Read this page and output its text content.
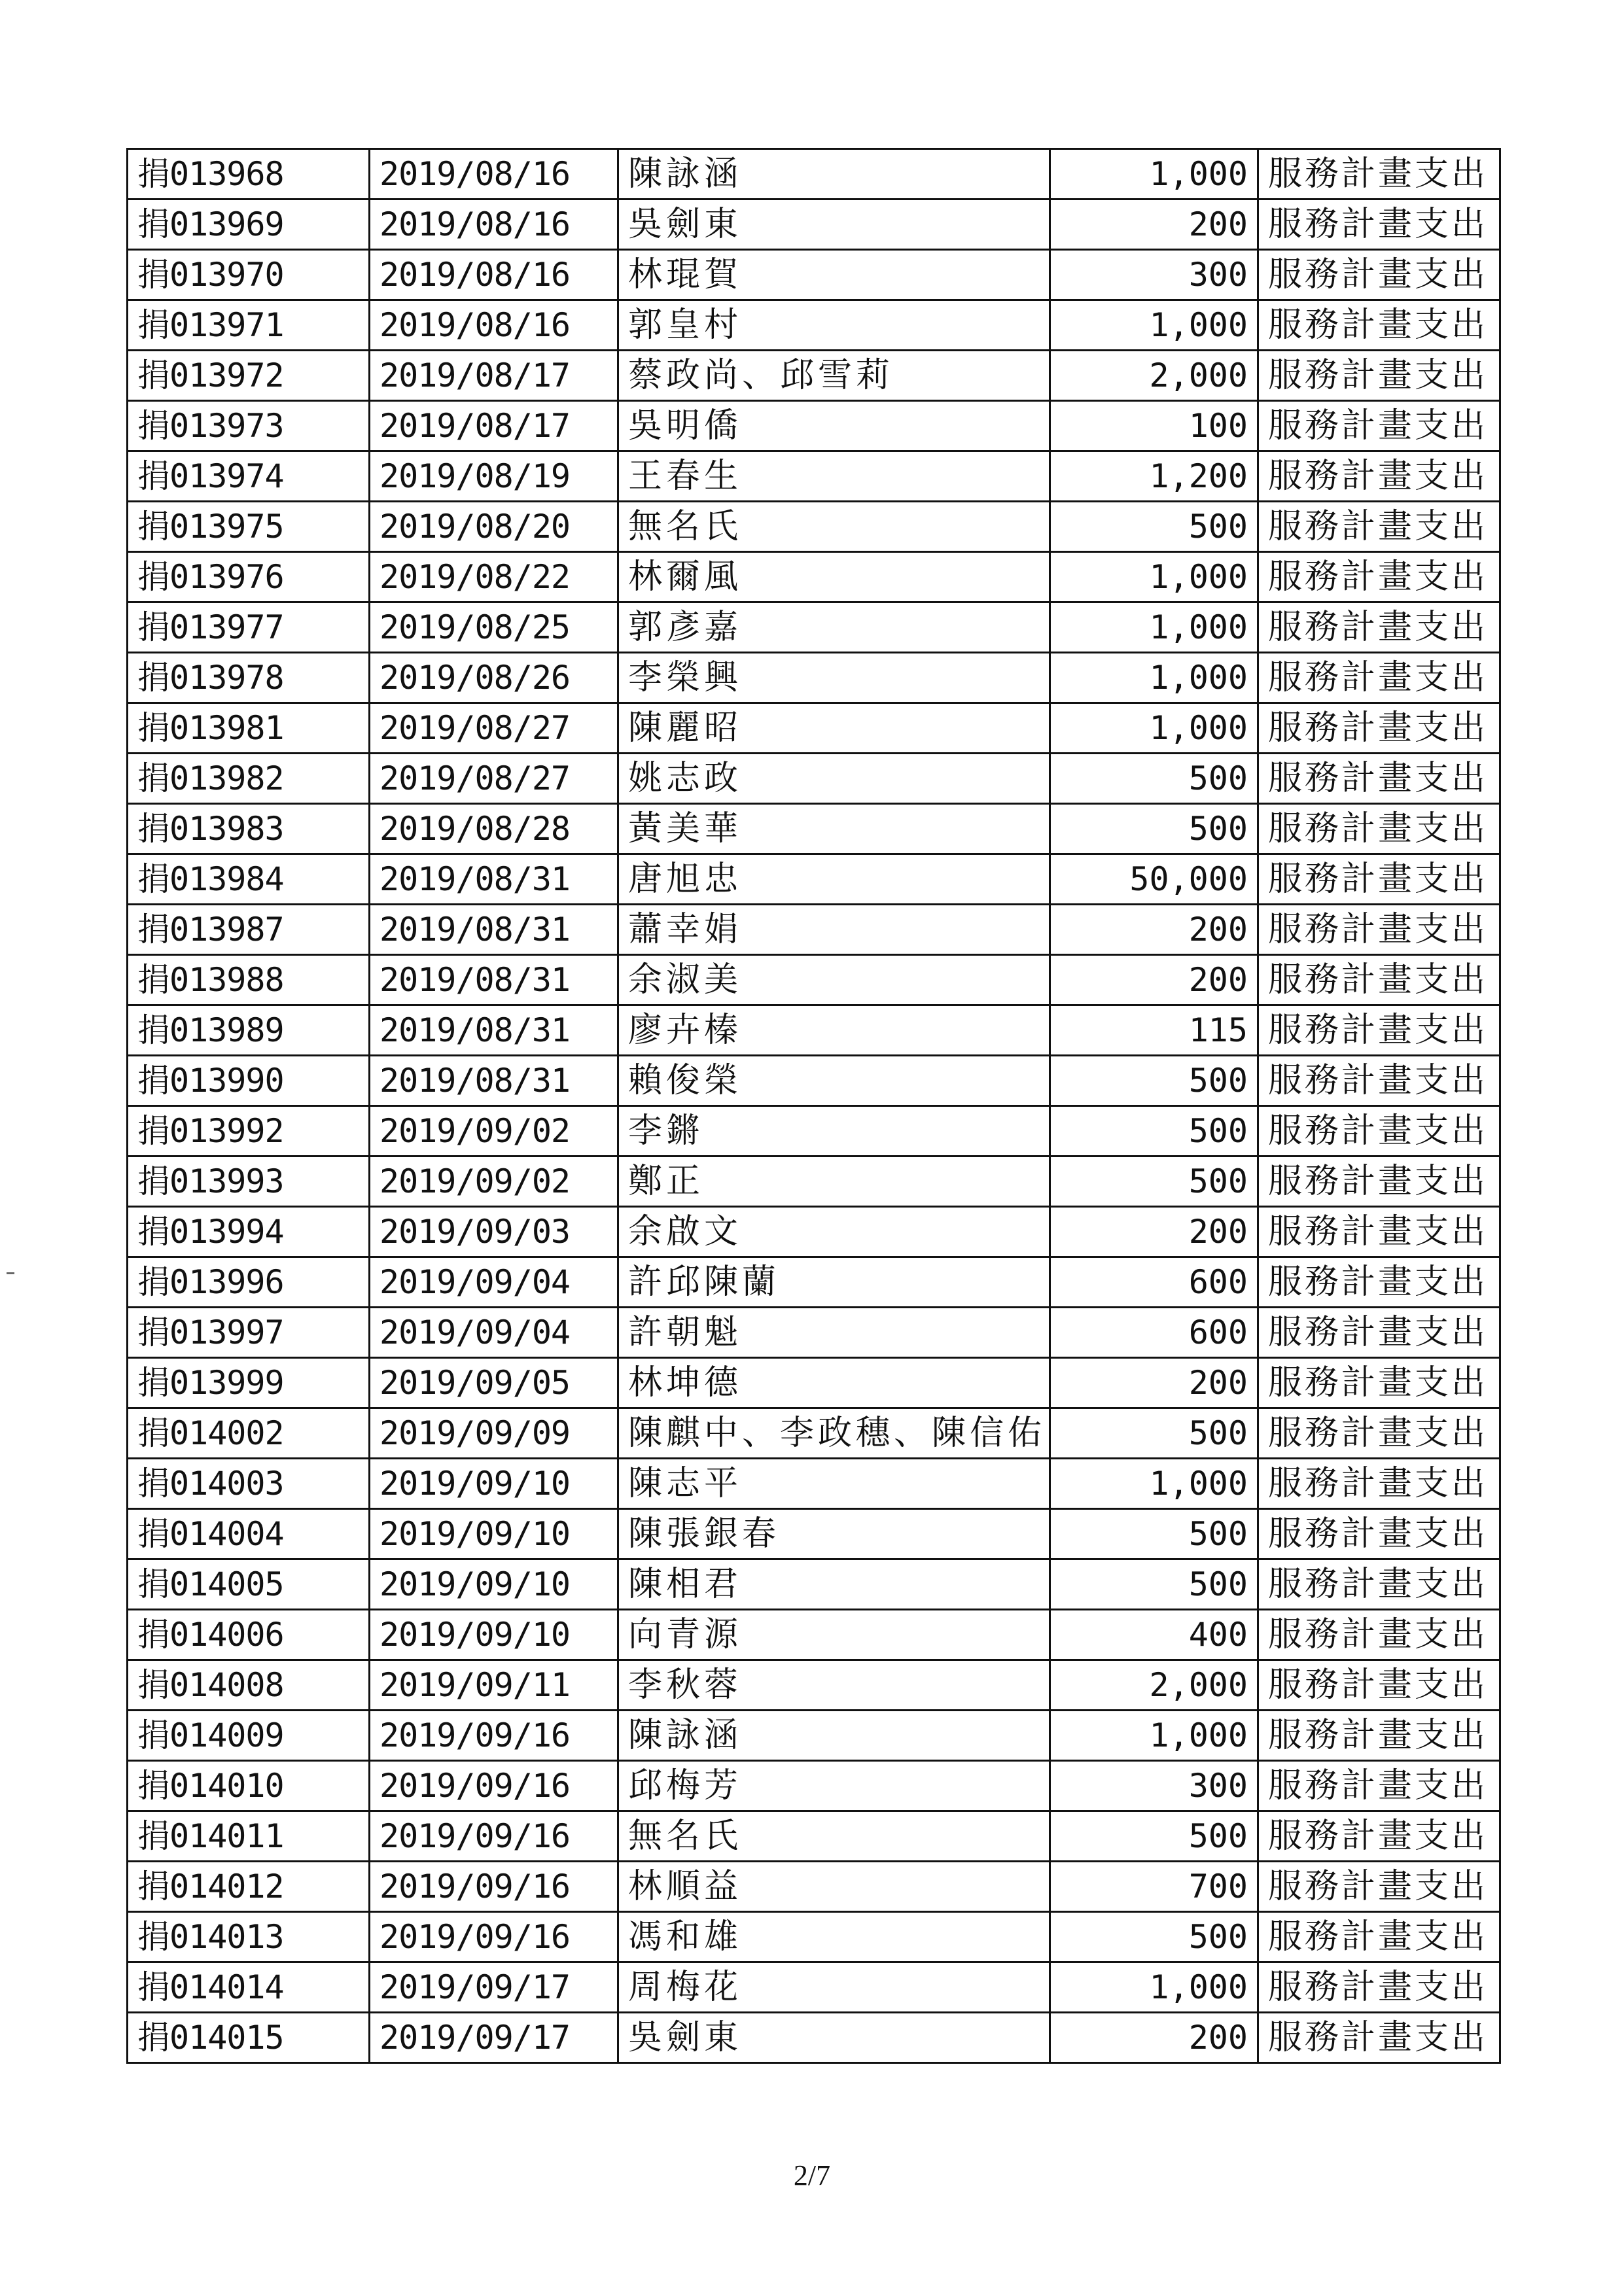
捐013968	2019/08/16	陳詠涵	1,000	服務計畫支出
捐013969	2019/08/16	吳劍東	200	服務計畫支出
捐013970	2019/08/16	林琨賀	300	服務計畫支出
捐013971	2019/08/16	郭皇村	1,000	服務計畫支出
捐013972	2019/08/17	蔡政尚、邱雪莉	2,000	服務計畫支出
捐013973	2019/08/17	吳明僑	100	服務計畫支出
捐013974	2019/08/19	王春生	1,200	服務計畫支出
捐013975	2019/08/20	無名氏	500	服務計畫支出
捐013976	2019/08/22	林爾風	1,000	服務計畫支出
捐013977	2019/08/25	郭彥嘉	1,000	服務計畫支出
捐013978	2019/08/26	李榮興	1,000	服務計畫支出
捐013981	2019/08/27	陳麗昭	1,000	服務計畫支出
捐013982	2019/08/27	姚志政	500	服務計畫支出
捐013983	2019/08/28	黃美華	500	服務計畫支出
捐013984	2019/08/31	唐旭忠	50,000	服務計畫支出
捐013987	2019/08/31	蕭幸娟	200	服務計畫支出
捐013988	2019/08/31	余淑美	200	服務計畫支出
捐013989	2019/08/31	廖卉榛	115	服務計畫支出
捐013990	2019/08/31	賴俊榮	500	服務計畫支出
捐013992	2019/09/02	李鏘	500	服務計畫支出
捐013993	2019/09/02	鄭正	500	服務計畫支出
捐013994	2019/09/03	余啟文	200	服務計畫支出
捐013996	2019/09/04	許邱陳蘭	600	服務計畫支出
捐013997	2019/09/04	許朝魁	600	服務計畫支出
捐013999	2019/09/05	林坤德	200	服務計畫支出
捐014002	2019/09/09	陳麒中、李政穗、陳信佑	500	服務計畫支出
捐014003	2019/09/10	陳志平	1,000	服務計畫支出
捐014004	2019/09/10	陳張銀春	500	服務計畫支出
捐014005	2019/09/10	陳相君	500	服務計畫支出
捐014006	2019/09/10	向青源	400	服務計畫支出
捐014008	2019/09/11	李秋蓉	2,000	服務計畫支出
捐014009	2019/09/16	陳詠涵	1,000	服務計畫支出
捐014010	2019/09/16	邱梅芳	300	服務計畫支出
捐014011	2019/09/16	無名氏	500	服務計畫支出
捐014012	2019/09/16	林順益	700	服務計畫支出
捐014013	2019/09/16	馮和雄	500	服務計畫支出
捐014014	2019/09/17	周梅花	1,000	服務計畫支出
捐014015	2019/09/17	吳劍東	200	服務計畫支出
2/7
